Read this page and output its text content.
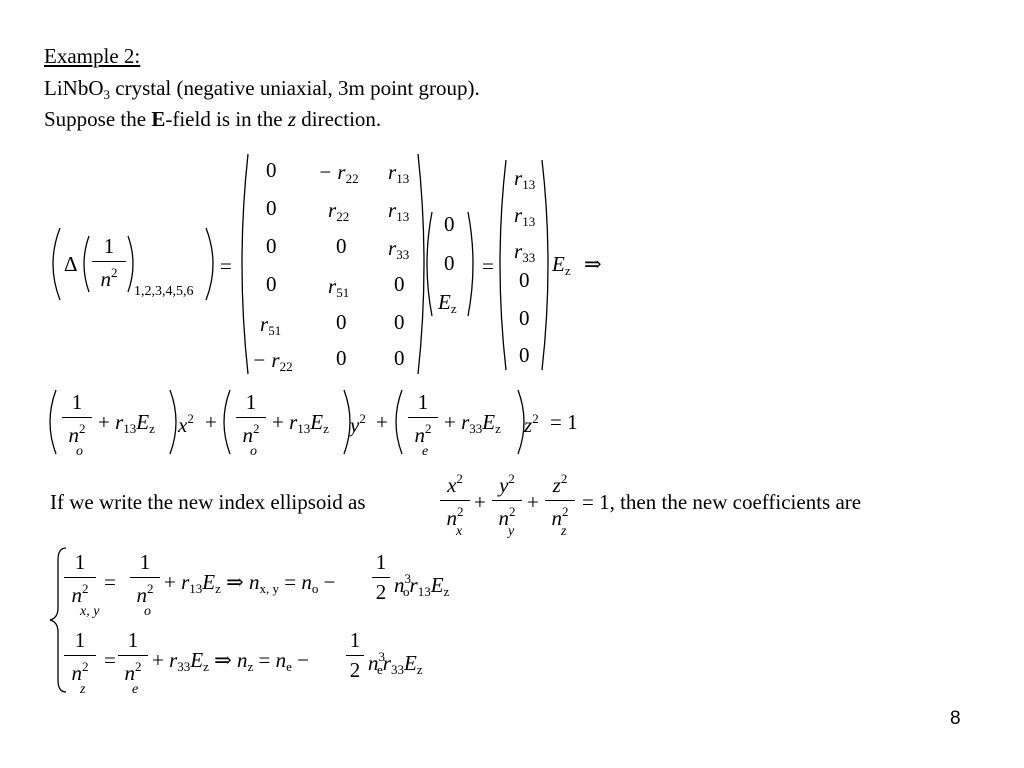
Example 2:
LiNbO$_3$ crystal (negative uniaxial, 3m point group).
Suppose the E-field is in the z direction.
Δ $\frac{1}{n^2}$
1,2,3,4,5,6
=
$0 - r_{22}$ $r_{13}$
0 $r_{22}$ $r_{13}$
0	0 $r_{33}$
0 $r_{51}$ 0
$r_{51}$	0 0
− $r_{22}$ 0 0
0
0
$E_z$
=
$r_{13}$
$r_{13}$
$r_{33}$
0
0
0
$E_z$ ⇒
$\frac{1}{n^2}$
o
+ $r_{13}E_z$ $x^2 + \frac{1}{n^2}$
o
+ $r_{13}E_z$ $y^2 + \frac{1}{n^2}$
e
+ $r_{33}E_z$ $z^2 = 1$
If we write the new index ellipsoid as	$\frac{x^2}{n^2}$
x
+ $\frac{y^2}{n^2}$
y
+ $\frac{z^2}{n^2}$
z
= 1, then the new coefficients are
$\frac{1}{n^2}$
x, y
= $\frac{1}{n^2}$
o
+ $r_{13}E_z$ ⇒ $n_{x, y} = n_o - \frac{1}{2} n^3_or_{13}E_z$
$\frac{1}{n^2}$
z
= $\frac{1}{n^2}$
e
+ $r_{33}E_z$ ⇒ $n_z = n_e - \frac{1}{2} n^3_er_{33}E_z$
8
